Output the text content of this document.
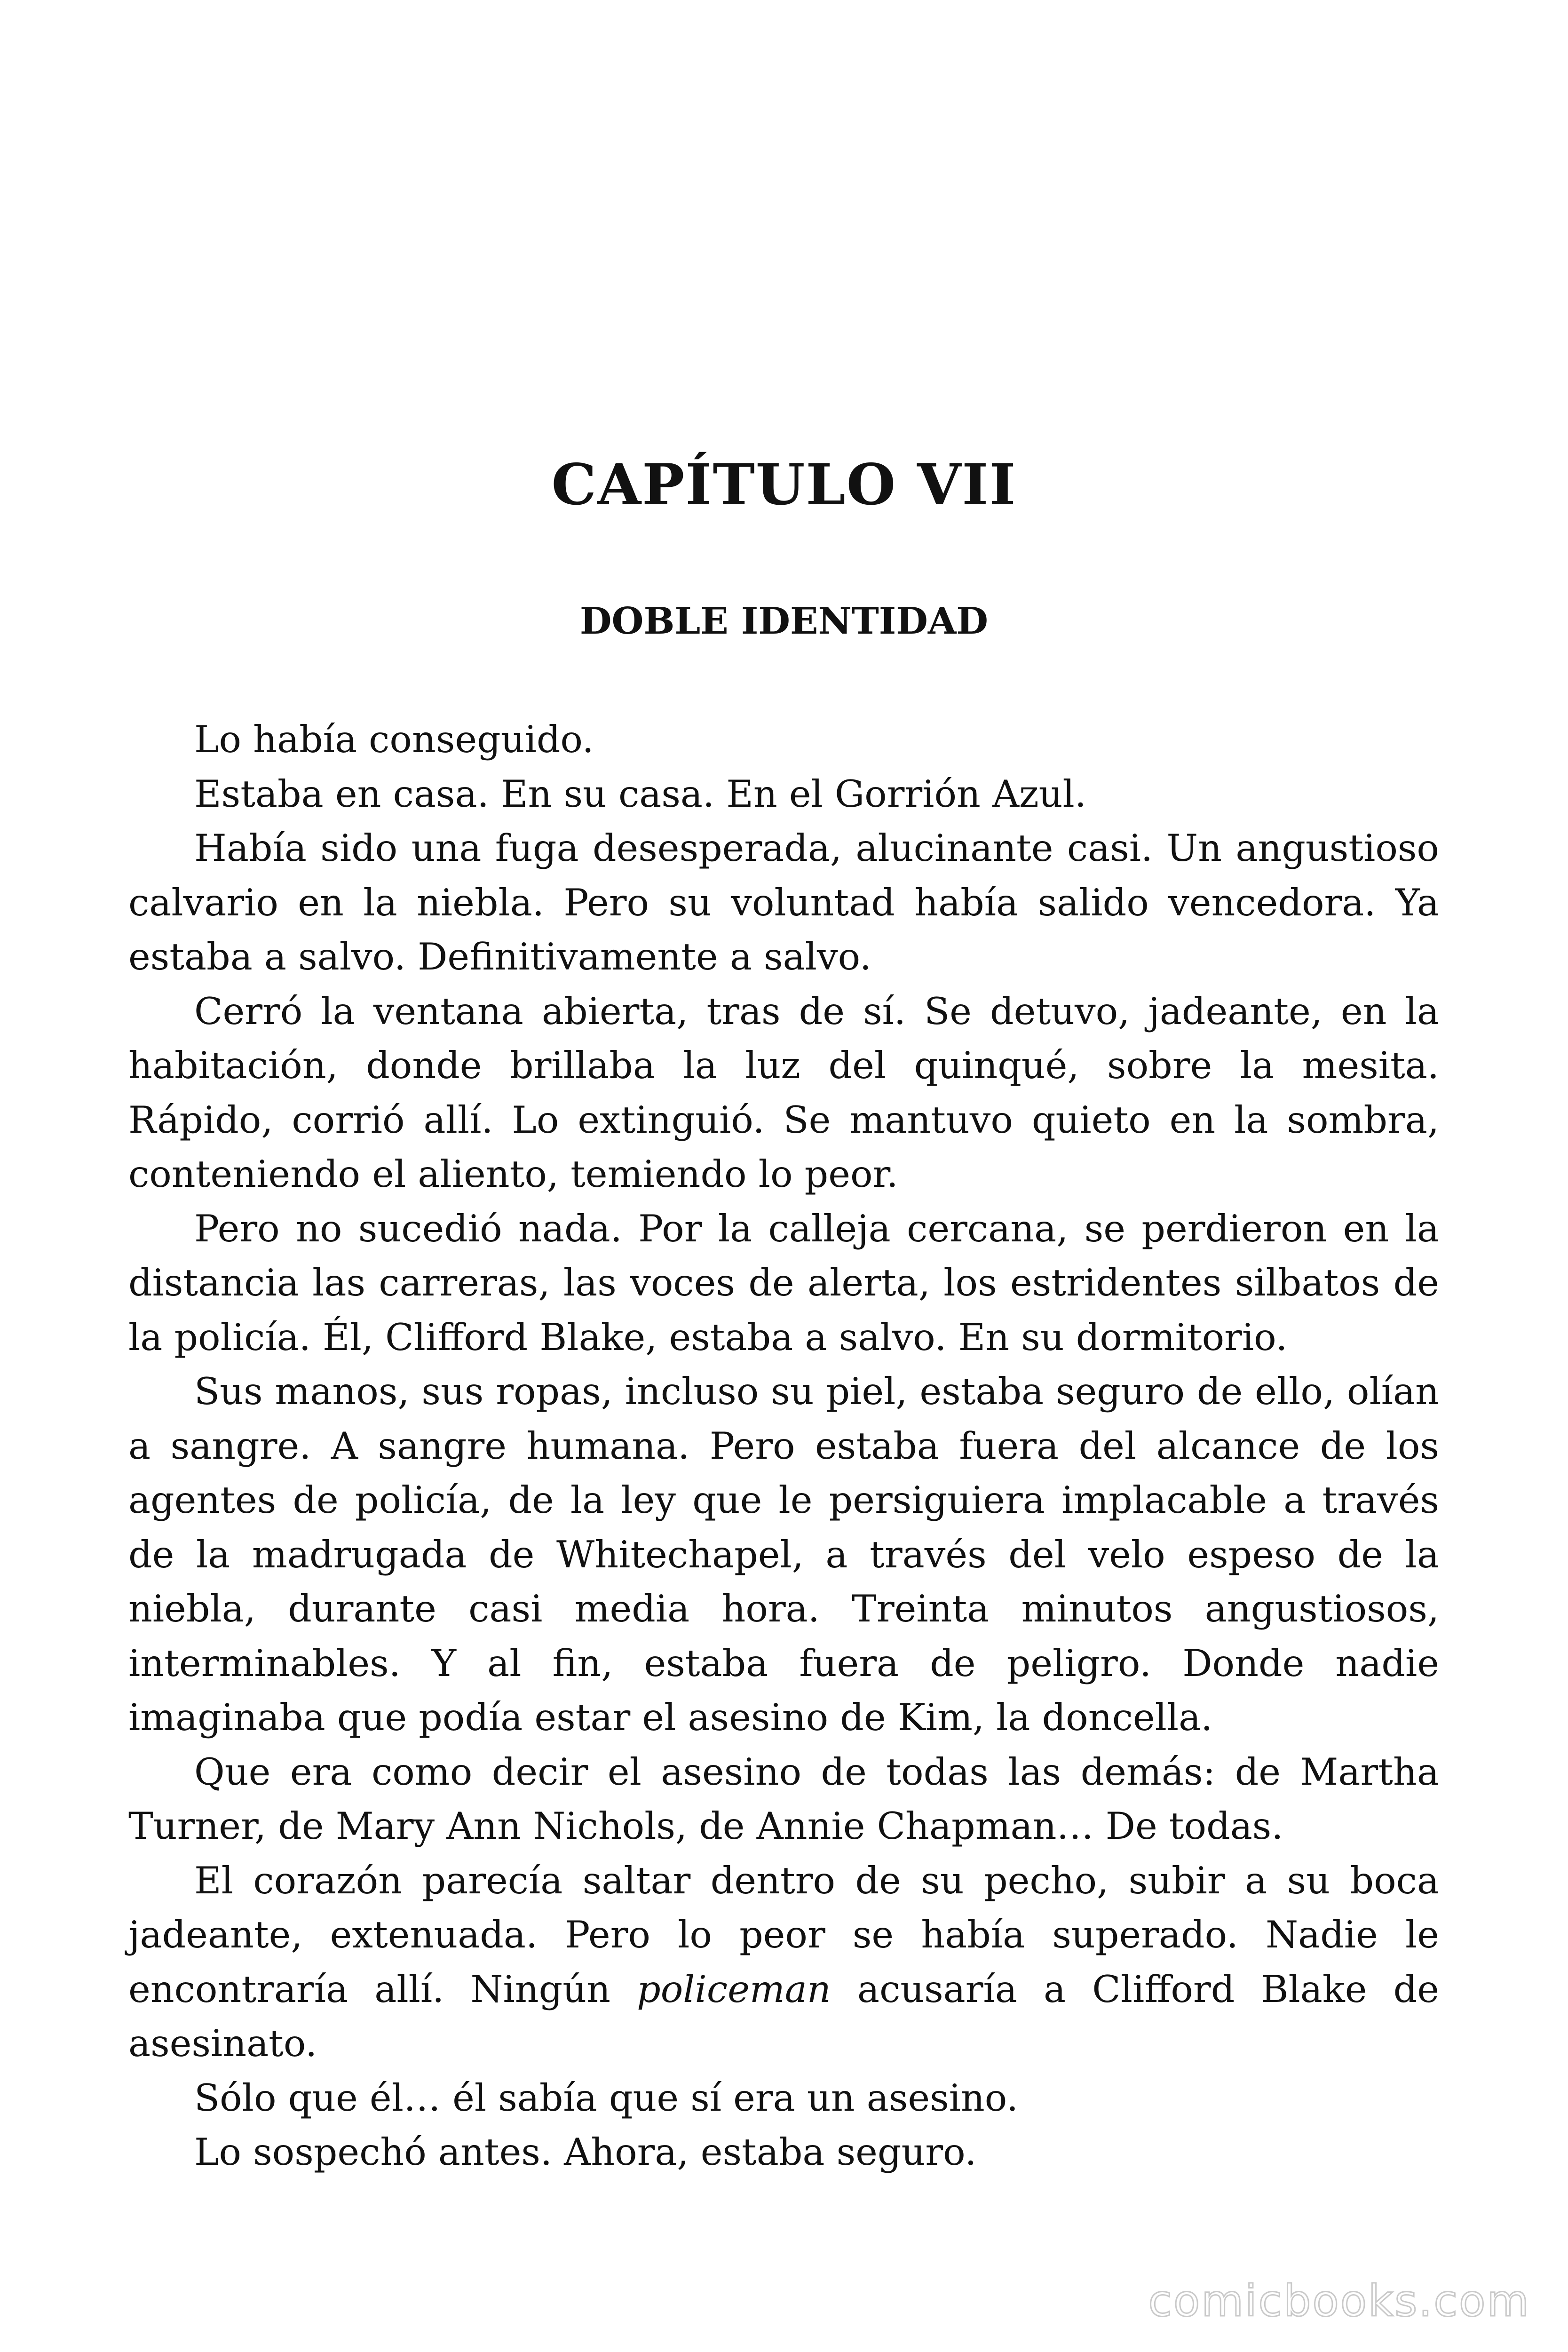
CAPÍTULO VII
DOBLE IDENTIDAD

Lo había conseguido.

Estaba en casa. En su casa. En el Gorrión Azul.

Había sido una fuga desesperada, alucinante casi. Un angustioso calvario en la niebla. Pero su voluntad había salido vencedora. Ya estaba a salvo. Definitivamente a salvo.

Cerró la ventana abierta, tras de sí. Se detuvo, jadeante, en la habitación, donde brillaba la luz del quinqué, sobre la mesita. Rápido, corrió allí. Lo extinguió. Se mantuvo quieto en la sombra, conteniendo el aliento, temiendo lo peor.

Pero no sucedió nada. Por la calleja cercana, se perdieron en la distancia las carreras, las voces de alerta, los estridentes silbatos de la policía. Él, Clifford Blake, estaba a salvo. En su dormitorio.

Sus manos, sus ropas, incluso su piel, estaba seguro de ello, olían a sangre. A sangre humana. Pero estaba fuera del alcance de los agentes de policía, de la ley que le persiguiera implacable a través de la madrugada de Whitechapel, a través del velo espeso de la niebla, durante casi media hora. Treinta minutos angustiosos, interminables. Y al fin, estaba fuera de peligro. Donde nadie imaginaba que podía estar el asesino de Kim, la doncella.

Que era como decir el asesino de todas las demás: de Martha Turner, de Mary Ann Nichols, de Annie Chapman… De todas.

El corazón parecía saltar dentro de su pecho, subir a su boca jadeante, extenuada. Pero lo peor se había superado. Nadie le encontraría allí. Ningún policeman acusaría a Clifford Blake de asesinato.

Sólo que él… él sabía que sí era un asesino.

Lo sospechó antes. Ahora, estaba seguro.

comicbooks.com
